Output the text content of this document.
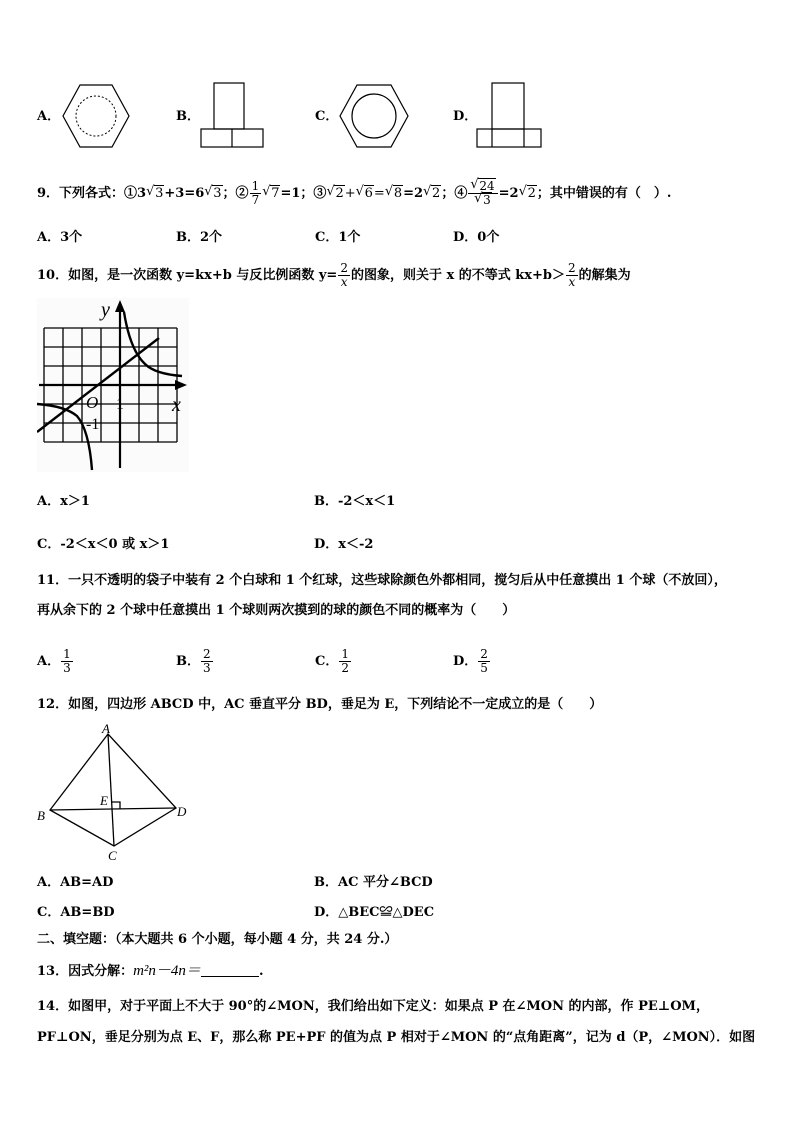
A．	B．	C．	D．
9．下列各式：①3 √ 3+3=6 √ 3；② $\frac{1}{7}$ √ 7=1；③ √ 2+ √ 6= √ 8=2 √ 2；④ √ 24
√ 3 =2 √ 2；其中错误的有（　）.
A．3个	B．2个	C．1个	D．0个
10．如图，是一次函数 y=kx+b 与反比例函数 $y= \frac{2}{x}$ 的图象，则关于 x 的不等式 $kx+b> \frac{2}{x}$ 的解集为
y
x
O 1
-1
A．x＞1	B．-2＜x＜1
C．-2＜x＜0 或 x＞1	D．x＜-2
11．一只不透明的袋子中装有 2 个白球和 1 个红球，这些球除颜色外都相同，搅匀后从中任意摸出 1 个球（不放回），
再从余下的 2 个球中任意摸出 1 个球则两次摸到的球的颜色不同的概率为（　　）
A． $\frac{1}{3}$	B． $\frac{2}{3}$	C． $\frac{1}{2}$	D． $\frac{2}{5}$
12．如图，四边形 ABCD 中，AC 垂直平分 BD，垂足为 E，下列结论不一定成立的是（　　）
A
B
C
D
E
A．AB=AD	B．AC 平分∠BCD
C．AB=BD	D．△BEC≌△DEC
二、填空题：（本大题共 6 个小题，每小题 4 分，共 24 分.）
13．因式分解：m²n－4n＝	.
14．如图甲，对于平面上不大于 90°的∠MON，我们给出如下定义：如果点 P 在∠MON 的内部，作 PE⊥OM，
PF⊥ON，垂足分别为点 E、F，那么称 PE+PF 的值为点 P 相对于∠MON 的“点角距离”，记为 d（P，∠MON）．如图
